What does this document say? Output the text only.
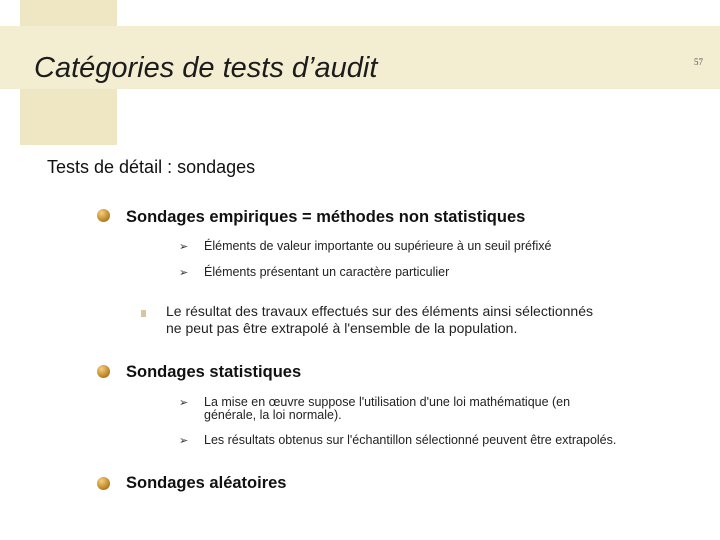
Catégories de tests d’audit	57
Tests de détail : sondages
Sondages empiriques = méthodes non statistiques
➢ Éléments de valeur importante ou supérieure à un seuil préfixé
➢ Éléments présentant un caractère particulier
Le résultat des travaux effectués sur des éléments ainsi sélectionnés
ne peut pas être extrapolé à l'ensemble de la population.
Sondages statistiques
➢ La mise en œuvre suppose l'utilisation d'une loi mathématique (en
générale, la loi normale).
➢ Les résultats obtenus sur l'échantillon sélectionné peuvent être extrapolés.
Sondages aléatoires
